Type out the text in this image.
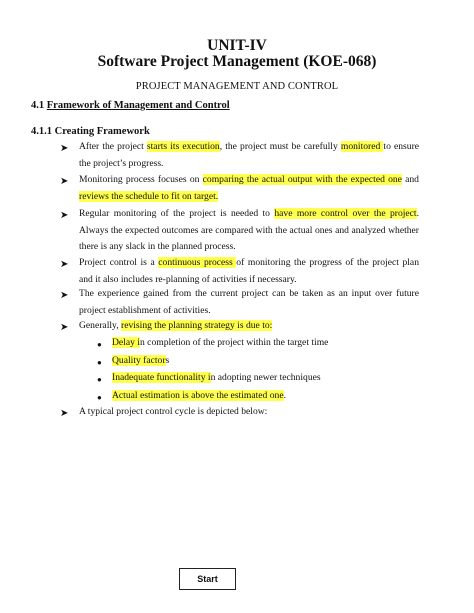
UNIT-IV
Software Project Management (KOE-068)
PROJECT MANAGEMENT AND CONTROL
4.1 Framework of Management and Control
4.1.1 Creating Framework
➤ After the project starts its execution, the project must be carefully monitored to ensure the project’s progress.
➤ Monitoring process focuses on comparing the actual output with the expected one and reviews the schedule to fit on target.
➤ Regular monitoring of the project is needed to have more control over the project. Always the expected outcomes are compared with the actual ones and analyzed whether there is any slack in the planned process.
➤ Project control is a continuous process of monitoring the progress of the project plan and it also includes re-planning of activities if necessary.
➤ The experience gained from the current project can be taken as an input over future project establishment of activities.
➤ Generally, revising the planning strategy is due to:
● Delay in completion of the project within the target time
● Quality factors
● Inadequate functionality in adopting newer techniques
● Actual estimation is above the estimated one.
➤ A typical project control cycle is depicted below:
Start
